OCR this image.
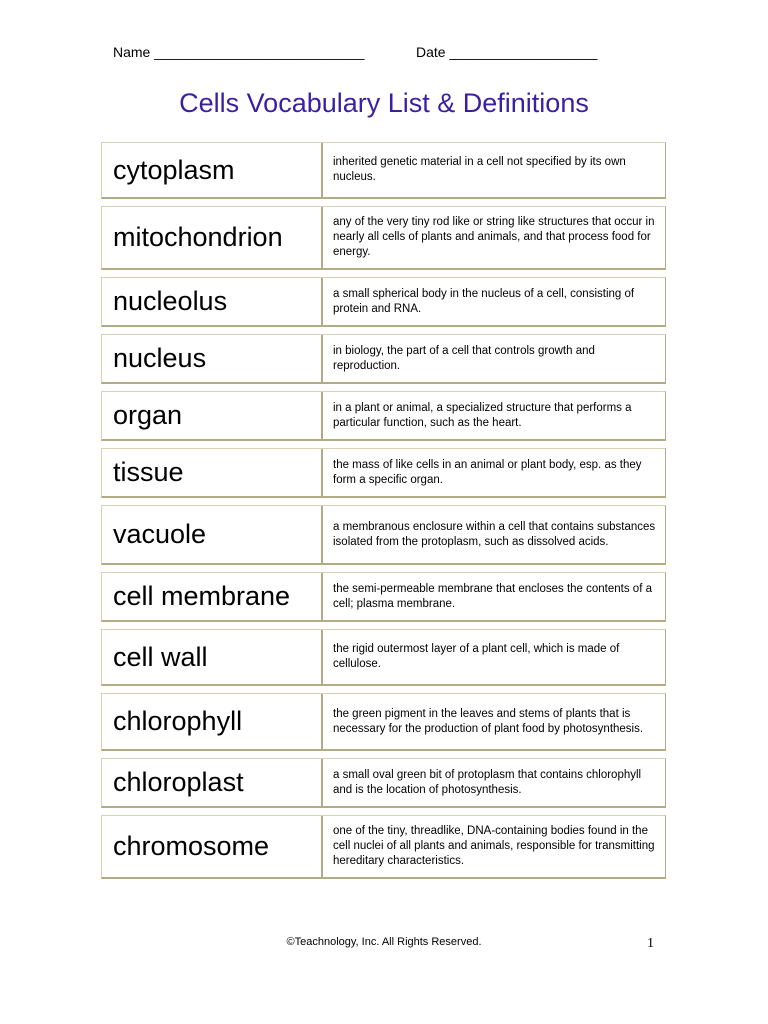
Name ___________________________	Date ___________________
Cells Vocabulary List & Definitions
cytoplasm	inherited genetic material in a cell not specified by its own nucleus.
mitochondrion	any of the very tiny rod like or string like structures that occur in nearly all cells of plants and animals, and that process food for energy.
nucleolus	a small spherical body in the nucleus of a cell, consisting of protein and RNA.
nucleus	in biology, the part of a cell that controls growth and reproduction.
organ	in a plant or animal, a specialized structure that performs a particular function, such as the heart.
tissue	the mass of like cells in an animal or plant body, esp. as they form a specific organ.
vacuole	a membranous enclosure within a cell that contains substances isolated from the protoplasm, such as dissolved acids.
cell membrane	the semi-permeable membrane that encloses the contents of a cell; plasma membrane.
cell wall	the rigid outermost layer of a plant cell, which is made of cellulose.
chlorophyll	the green pigment in the leaves and stems of plants that is necessary for the production of plant food by photosynthesis.
chloroplast	a small oval green bit of protoplasm that contains chlorophyll and is the location of photosynthesis.
chromosome	one of the tiny, threadlike, DNA-containing bodies found in the cell nuclei of all plants and animals, responsible for transmitting hereditary characteristics.
©Teachnology, Inc. All Rights Reserved.	1
